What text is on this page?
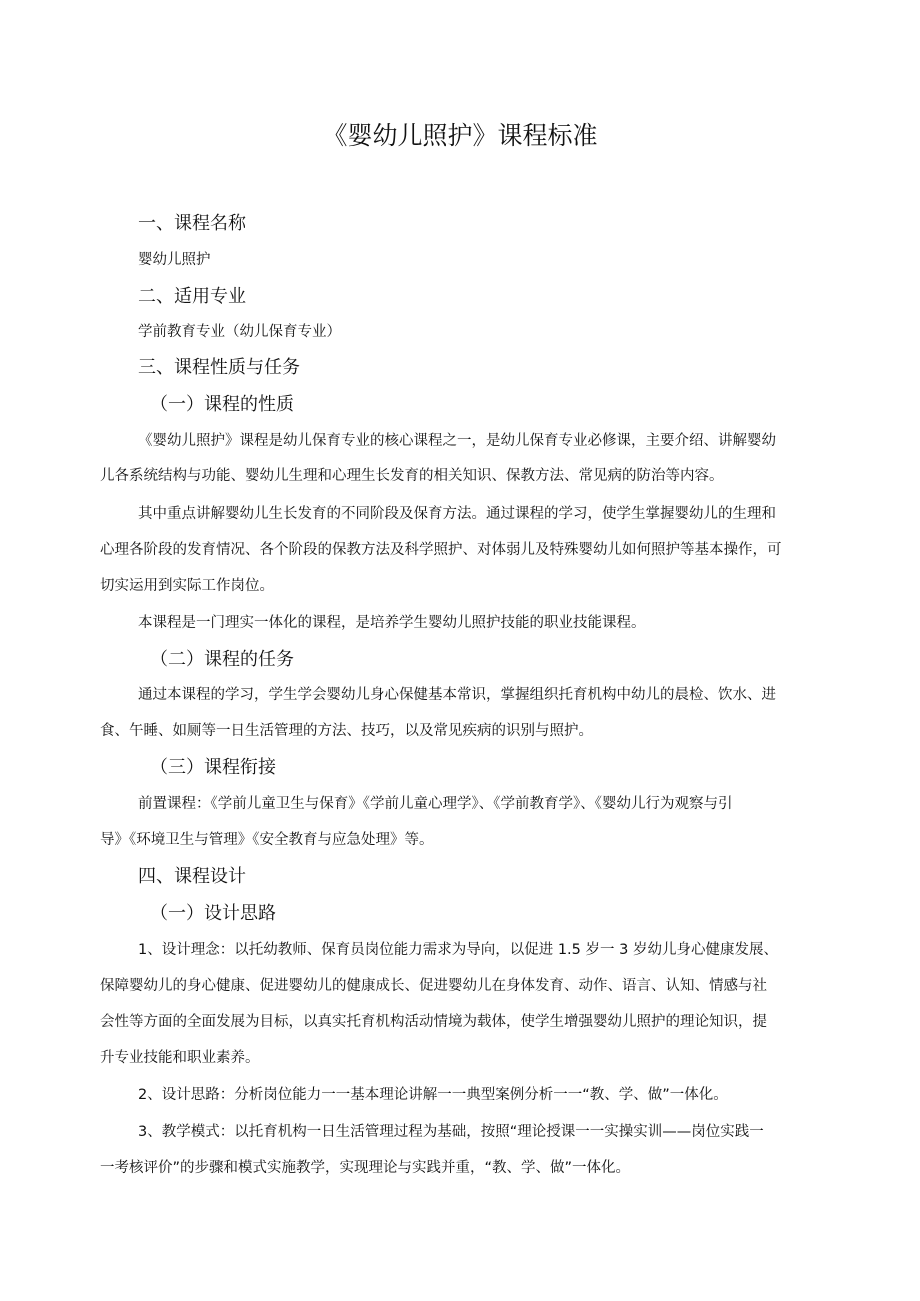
《婴幼儿照护》课程标准
一、课程名称
婴幼儿照护
二、适用专业
学前教育专业（幼儿保育专业）
三、课程性质与任务
（一）课程的性质
《婴幼儿照护》课程是幼儿保育专业的核心课程之一，是幼儿保育专业必修课，主要介绍、讲解婴幼
儿各系统结构与功能、婴幼儿生理和心理生长发育的相关知识、保教方法、常见病的防治等内容。
其中重点讲解婴幼儿生长发育的不同阶段及保育方法。通过课程的学习，使学生掌握婴幼儿的生理和
心理各阶段的发育情况、各个阶段的保教方法及科学照护、对体弱儿及特殊婴幼儿如何照护等基本操作，可
切实运用到实际工作岗位。
本课程是一门理实一体化的课程，是培养学生婴幼儿照护技能的职业技能课程。
（二）课程的任务
通过本课程的学习，学生学会婴幼儿身心保健基本常识，掌握组织托育机构中幼儿的晨检、饮水、进
食、午睡、如厕等一日生活管理的方法、技巧，以及常见疾病的识别与照护。
（三）课程衔接
前置课程：《学前儿童卫生与保育》《学前儿童心理学》、《学前教育学》、《婴幼儿行为观察与引
导》《环境卫生与管理》《安全教育与应急处理》等。
四、课程设计
（一）设计思路
1、设计理念：以托幼教师、保育员岗位能力需求为导向，以促进 1.5 岁一 3 岁幼儿身心健康发展、
保障婴幼儿的身心健康、促进婴幼儿的健康成长、促进婴幼儿在身体发育、动作、语言、认知、情感与社
会性等方面的全面发展为目标，以真实托育机构活动情境为载体，使学生增强婴幼儿照护的理论知识，提
升专业技能和职业素养。
2、设计思路：分析岗位能力一一基本理论讲解一一典型案例分析一一“教、学、做”一体化。
3、教学模式：以托育机构一日生活管理过程为基础，按照“理论授课一一实操实训——岗位实践一
一考核评价”的步骤和模式实施教学，实现理论与实践并重，“教、学、做”一体化。
